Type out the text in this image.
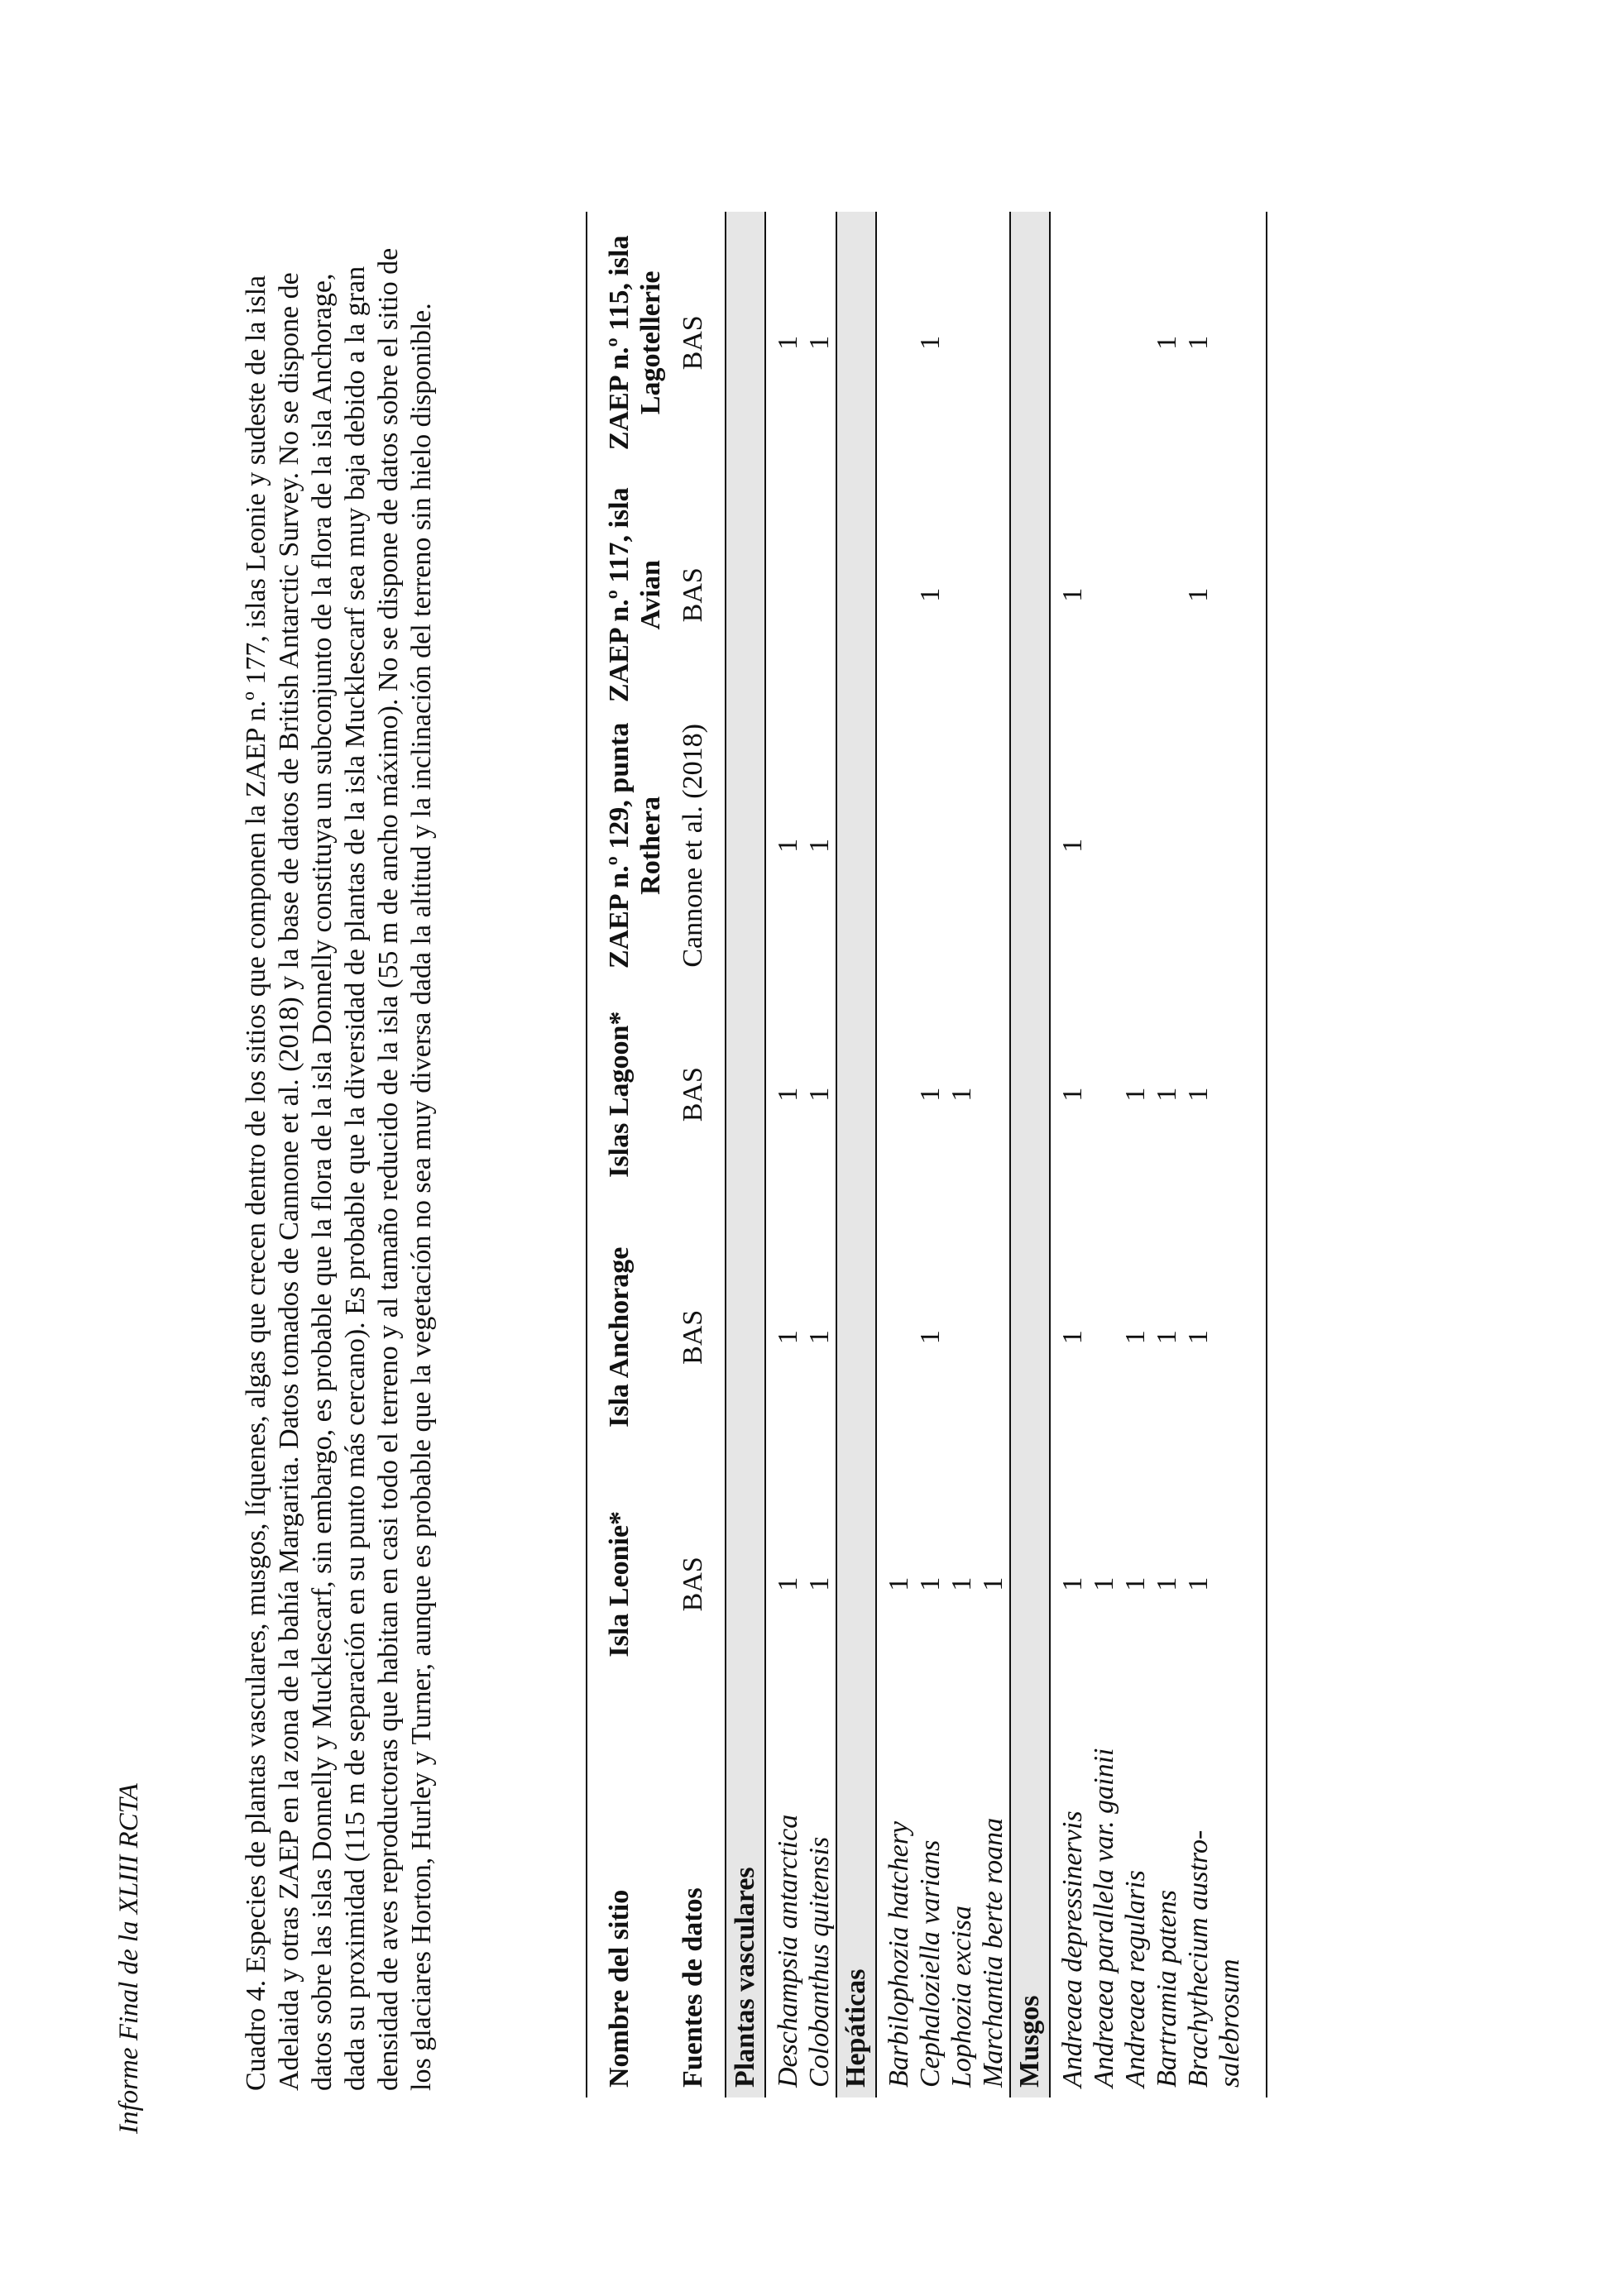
Informe Final de la XLIII RCTA	Cuadro 4. Especies de plantas vasculares, musgos, líquenes, algas que crecen dentro de los sitios que componen la ZAEP n.º 177, islas Leonie y sudeste de la isla Adelaida y otras ZAEP en la zona de la bahía Margarita. Datos tomados de Cannone et al. (2018) y la base de datos de British Antarctic Survey. No se dispone de datos sobre las islas Donnelly y Mucklescarf, sin embargo, es probable que la flora de la isla Donnelly constituya un subconjunto de la flora de la isla Anchorage, dada su proximidad (115 m de separación en su punto más cercano). Es probable que la diversidad de plantas de la isla Mucklescarf sea muy baja debido a la gran densidad de aves reproductoras que habitan en casi todo el terreno y al tamaño reducido de la isla (55 m de ancho máximo). No se dispone de datos sobre el sitio de los glaciares Horton, Hurley y Turner, aunque es probable que la vegetación no sea muy diversa dada la altitud y la inclinación del terreno sin hielo disponible.	Nombre del sitio	Isla Leonie*	Isla Anchorage	Islas Lagoon*	ZAEP n.º 129, punta Rothera	ZAEP n.º 117, isla Avian	ZAEP n.º 115, isla Lagotellerie
Fuentes de datos	BAS	BAS	BAS	Cannone et al. (2018)	BAS	BAS
Plantas vasculares						
Deschampsia antarctica	1	1	1	1		1
Colobanthus quitensis	1	1	1	1		1
Hepáticas						
Barbilophozia hatchery	1					
Cephaloziella varians	1	1	1		1	1
Lophozia excisa	1		1			
Marchantia berte roana	1					
Musgos						
Andreaea depressinervis	1	1	1	1	1	
Andreaea parallela var. gainii	1					
Andreaea regularis	1	1	1			
Bartramia patens	1	1	1			1
Brachythecium austro-salebrosum	1	1	1		1	1
